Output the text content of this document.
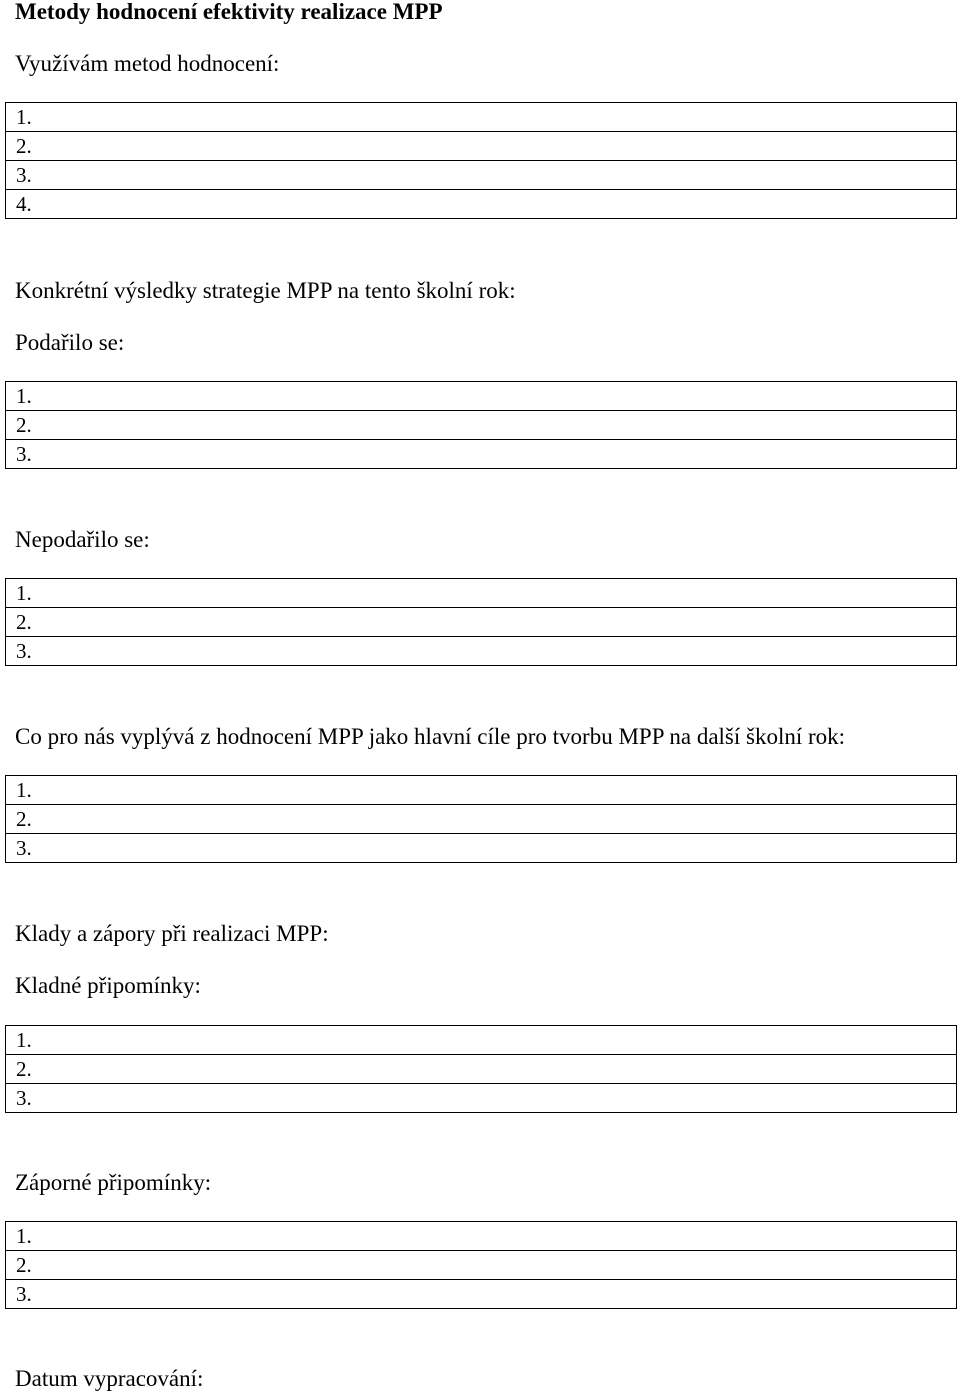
Metody hodnocení efektivity realizace MPP
Využívám metod hodnocení:
1.
2.
3.
4.
Konkrétní výsledky strategie MPP na tento školní rok:
Podařilo se:
1.
2.
3.
Nepodařilo se:
1.
2.
3.
Co pro nás vyplývá z hodnocení MPP jako hlavní cíle pro tvorbu MPP na další školní rok:
1.
2.
3.
Klady a zápory při realizaci MPP:
Kladné připomínky:
1.
2.
3.
Záporné připomínky:
1.
2.
3.
Datum vypracování:
